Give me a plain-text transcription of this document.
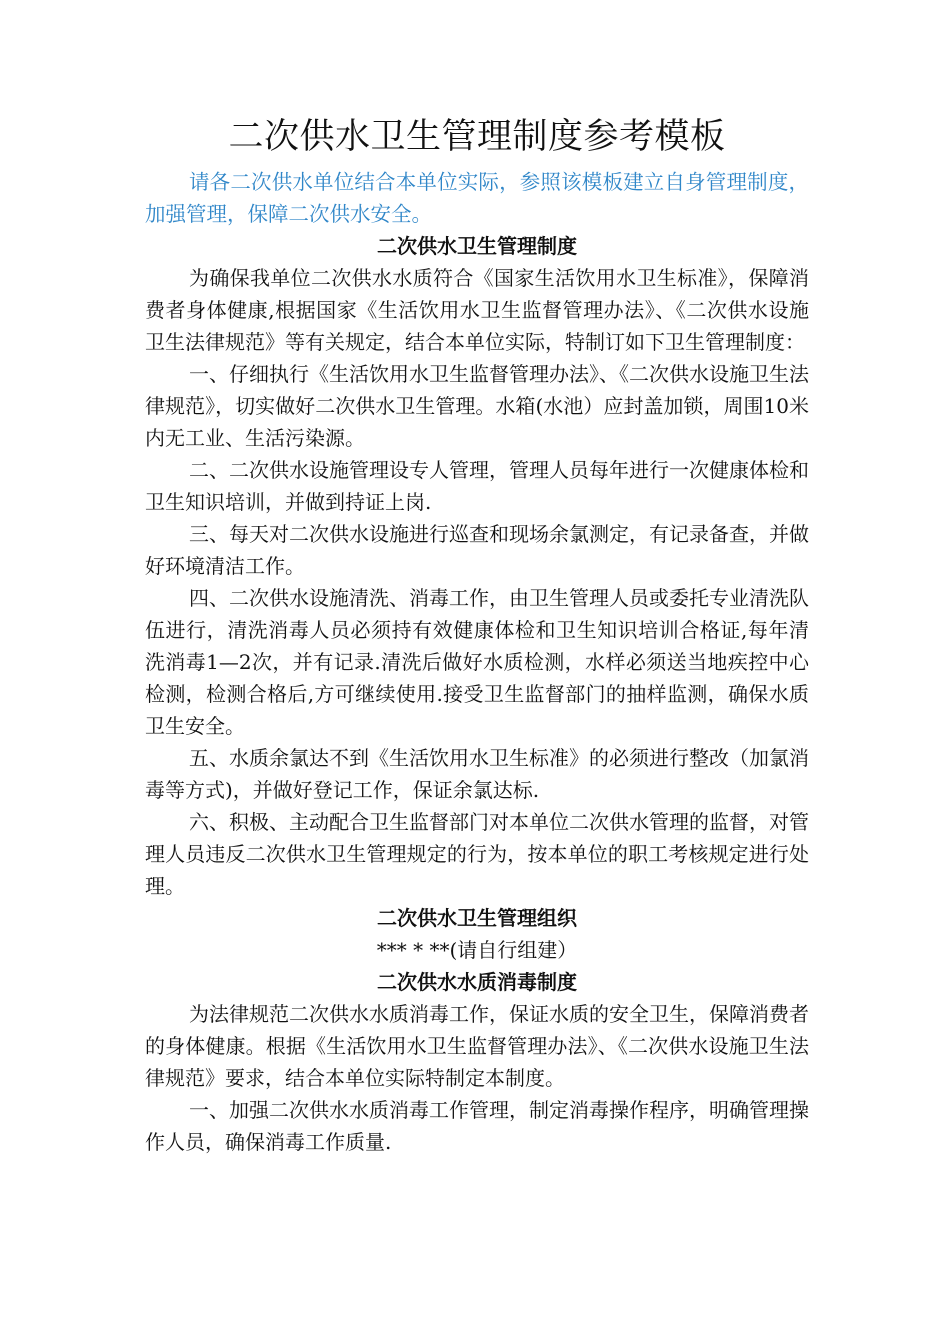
二次供水卫生管理制度参考模板

请各二次供水单位结合本单位实际，参照该模板建立自身管理制度，加强管理，保障二次供水安全。

二次供水卫生管理制度

为确保我单位二次供水水质符合《国家生活饮用水卫生标准》，保障消费者身体健康,根据国家《生活饮用水卫生监督管理办法》、《二次供水设施卫生法律规范》等有关规定，结合本单位实际，特制订如下卫生管理制度：

一、仔细执行《生活饮用水卫生监督管理办法》、《二次供水设施卫生法律规范》，切实做好二次供水卫生管理。水箱(水池）应封盖加锁，周围10米内无工业、生活污染源。

二、二次供水设施管理设专人管理，管理人员每年进行一次健康体检和卫生知识培训，并做到持证上岗.

三、每天对二次供水设施进行巡查和现场余氯测定，有记录备查，并做好环境清洁工作。

四、二次供水设施清洗、消毒工作，由卫生管理人员或委托专业清洗队伍进行，清洗消毒人员必须持有效健康体检和卫生知识培训合格证,每年清洗消毒1—2次，并有记录.清洗后做好水质检测，水样必须送当地疾控中心检测，检测合格后,方可继续使用.接受卫生监督部门的抽样监测，确保水质卫生安全。

五、水质余氯达不到《生活饮用水卫生标准》的必须进行整改（加氯消毒等方式)，并做好登记工作，保证余氯达标.

六、积极、主动配合卫生监督部门对本单位二次供水管理的监督，对管理人员违反二次供水卫生管理规定的行为，按本单位的职工考核规定进行处理。

二次供水卫生管理组织
*** * **(请自行组建）
二次供水水质消毒制度

为法律规范二次供水水质消毒工作，保证水质的安全卫生，保障消费者的身体健康。根据《生活饮用水卫生监督管理办法》、《二次供水设施卫生法律规范》要求，结合本单位实际特制定本制度。

一、加强二次供水水质消毒工作管理，制定消毒操作程序，明确管理操作人员，确保消毒工作质量.
